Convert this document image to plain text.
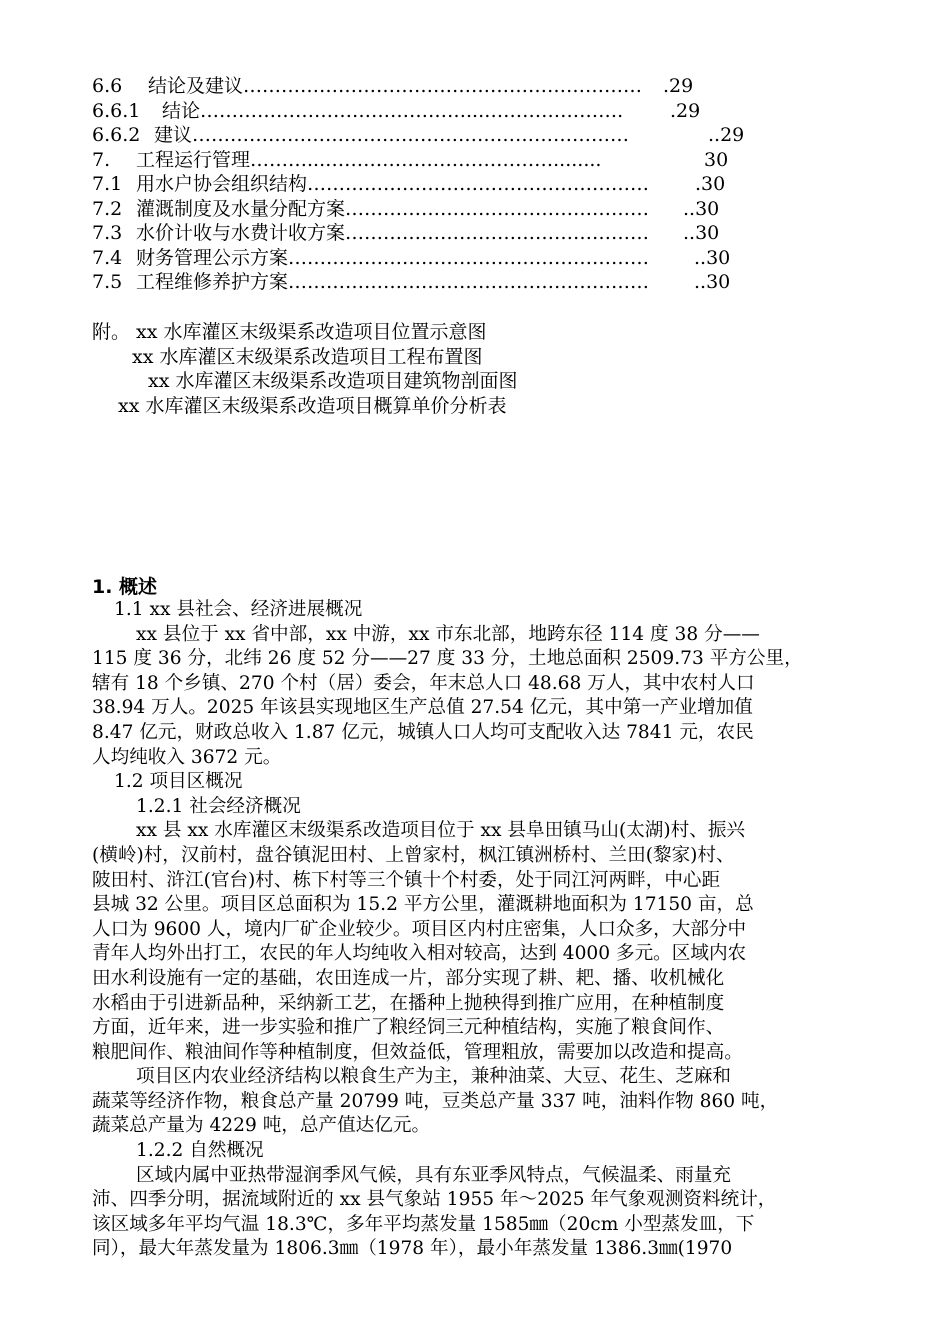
6.6	结论及建议 ………………………………………………………	.29
6.6.1	结论 ……………………………………...………………….	.29
6.6.2 建议 ……………………………………………………………	..29
7.	工程运行管理 ………...………………………………........	30
7.1 用水户协会组织结构 ………………………………………………	.30
7.2 灌溉制度及水量分配方案 …………………………………………	..30
7.3 水价计收与水费计收方案 …………………………………………	..30
7.4 财务管理公示方案 …………………………………………………	..30
7.5 工程维修养护方案 …………………………………………………	..30
附。 xx 水库灌区末级渠系改造项目位置示意图
xx 水库灌区末级渠系改造项目工程布置图
xx 水库灌区末级渠系改造项目建筑物剖面图
xx 水库灌区末级渠系改造项目概算单价分析表
1. 概述
1.1 xx 县社会、经济进展概况
xx 县位于 xx 省中部，xx 中游，xx 市东北部，地跨东径 114 度 38 分——
115 度 36 分，北纬 26 度 52 分——27 度 33 分，土地总面积 2509.73 平方公里，
辖有 18 个乡镇、270 个村（居）委会，年末总人口 48.68 万人，其中农村人口
38.94 万人。2025 年该县实现地区生产总值 27.54 亿元，其中第一产业增加值
8.47 亿元，财政总收入 1.87 亿元，城镇人口人均可支配收入达 7841 元，农民
人均纯收入 3672 元。
1.2 项目区概况
1.2.1 社会经济概况
xx 县 xx 水库灌区末级渠系改造项目位于 xx 县阜田镇马山(太湖)村、振兴
(横岭)村，汉前村，盘谷镇泥田村、上曾家村，枫江镇洲桥村、兰田(黎家)村、
陂田村、浒江(官台)村、栋下村等三个镇十个村委，处于同江河两畔，中心距
县城 32 公里。项目区总面积为 15.2 平方公里，灌溉耕地面积为 17150 亩，总
人口为 9600 人，境内厂矿企业较少。项目区内村庄密集，人口众多，大部分中
青年人均外出打工，农民的年人均纯收入相对较高，达到 4000 多元。区域内农
田水利设施有一定的基础，农田连成一片，部分实现了耕、耙、播、收机械化
水稻由于引进新品种，采纳新工艺，在播种上抛秧得到推广应用，在种植制度
方面，近年来，进一步实验和推广了粮经饲三元种植结构，实施了粮食间作、
粮肥间作、粮油间作等种植制度，但效益低，管理粗放，需要加以改造和提高。
项目区内农业经济结构以粮食生产为主，兼种油菜、大豆、花生、芝麻和
蔬菜等经济作物，粮食总产量 20799 吨，豆类总产量 337 吨，油料作物 860 吨，
蔬菜总产量为 4229 吨，总产值达亿元。
1.2.2 自然概况
区域内属中亚热带湿润季风气候，具有东亚季风特点，气候温柔、雨量充
沛、四季分明，据流域附近的 xx 县气象站 1955 年～2025 年气象观测资料统计，
该区域多年平均气温 18.3℃，多年平均蒸发量 1585㎜（20cm 小型蒸发皿，下
同），最大年蒸发量为 1806.3㎜（1978 年），最小年蒸发量 1386.3㎜(1970
